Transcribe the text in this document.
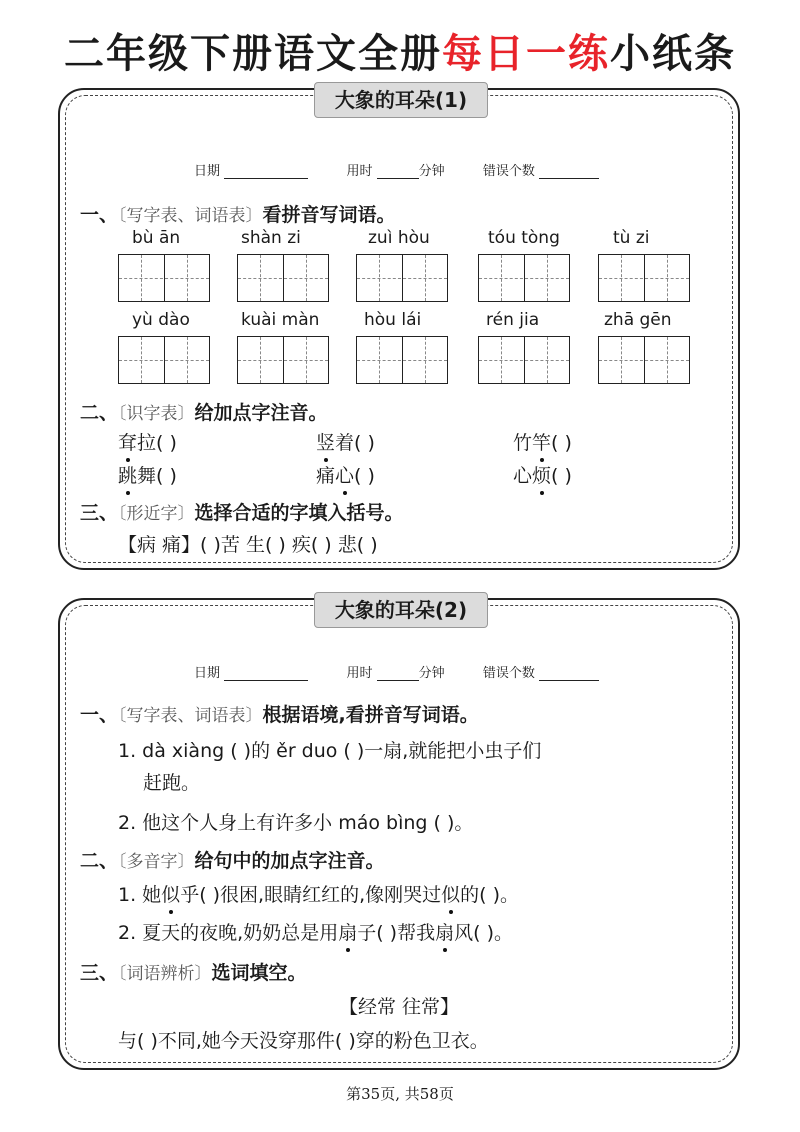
二年级下册语文全册每日一练小纸条
大象的耳朵(1)
日期	用时	分钟	错误个数
一、〔写字表、词语表〕看拼音写词语。
bù ān	shàn zi	zuì hòu	tóu tòng	tù zi
yù dào	kuài màn	hòu lái	rén jia	zhā gēn
二、〔识字表〕给加点字注音。
耷拉( )	竖着( )	竹竿( )
跳舞( )	痛心( )	心烦( )
三、〔形近字〕选择合适的字填入括号。
【病 痛】( )苦 生( ) 疾( ) 悲( )
大象的耳朵(2)
日期	用时	分钟	错误个数
一、〔写字表、词语表〕根据语境,看拼音写词语。
1. dà xiàng ( )的 ěr duo ( )一扇,就能把小虫子们
赶跑。
2. 他这个人身上有许多小 máo bìng ( )。
二、〔多音字〕给句中的加点字注音。
1. 她似乎( )很困,眼睛红红的,像刚哭过似的( )。
2. 夏天的夜晚,奶奶总是用扇子( )帮我扇风( )。
三、〔词语辨析〕选词填空。
【经常 往常】
与( )不同,她今天没穿那件( )穿的粉色卫衣。
第35页, 共58页
